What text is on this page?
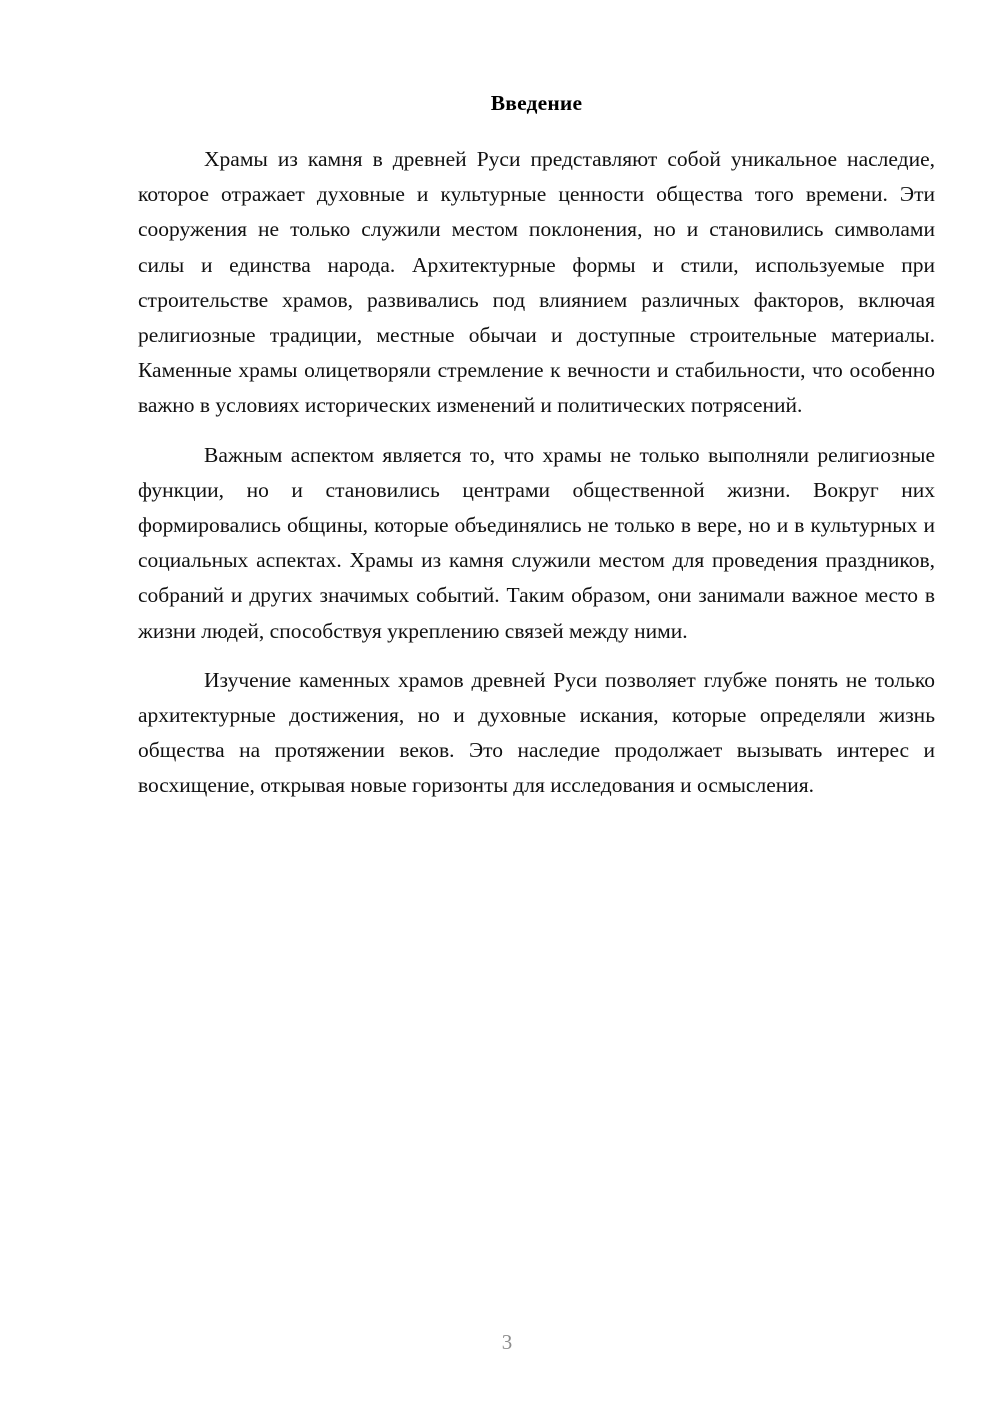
Введение

Храмы из камня в древней Руси представляют собой уникальное наследие, которое отражает духовные и культурные ценности общества того времени. Эти сооружения не только служили местом поклонения, но и становились символами силы и единства народа. Архитектурные формы и стили, используемые при строительстве храмов, развивались под влиянием различных факторов, включая религиозные традиции, местные обычаи и доступные строительные материалы. Каменные храмы олицетворяли стремление к вечности и стабильности, что особенно важно в условиях исторических изменений и политических потрясений.

Важным аспектом является то, что храмы не только выполняли религиозные функции, но и становились центрами общественной жизни. Вокруг них формировались общины, которые объединялись не только в вере, но и в культурных и социальных аспектах. Храмы из камня служили местом для проведения праздников, собраний и других значимых событий. Таким образом, они занимали важное место в жизни людей, способствуя укреплению связей между ними.

Изучение каменных храмов древней Руси позволяет глубже понять не только архитектурные достижения, но и духовные искания, которые определяли жизнь общества на протяжении веков. Это наследие продолжает вызывать интерес и восхищение, открывая новые горизонты для исследования и осмысления.

3
